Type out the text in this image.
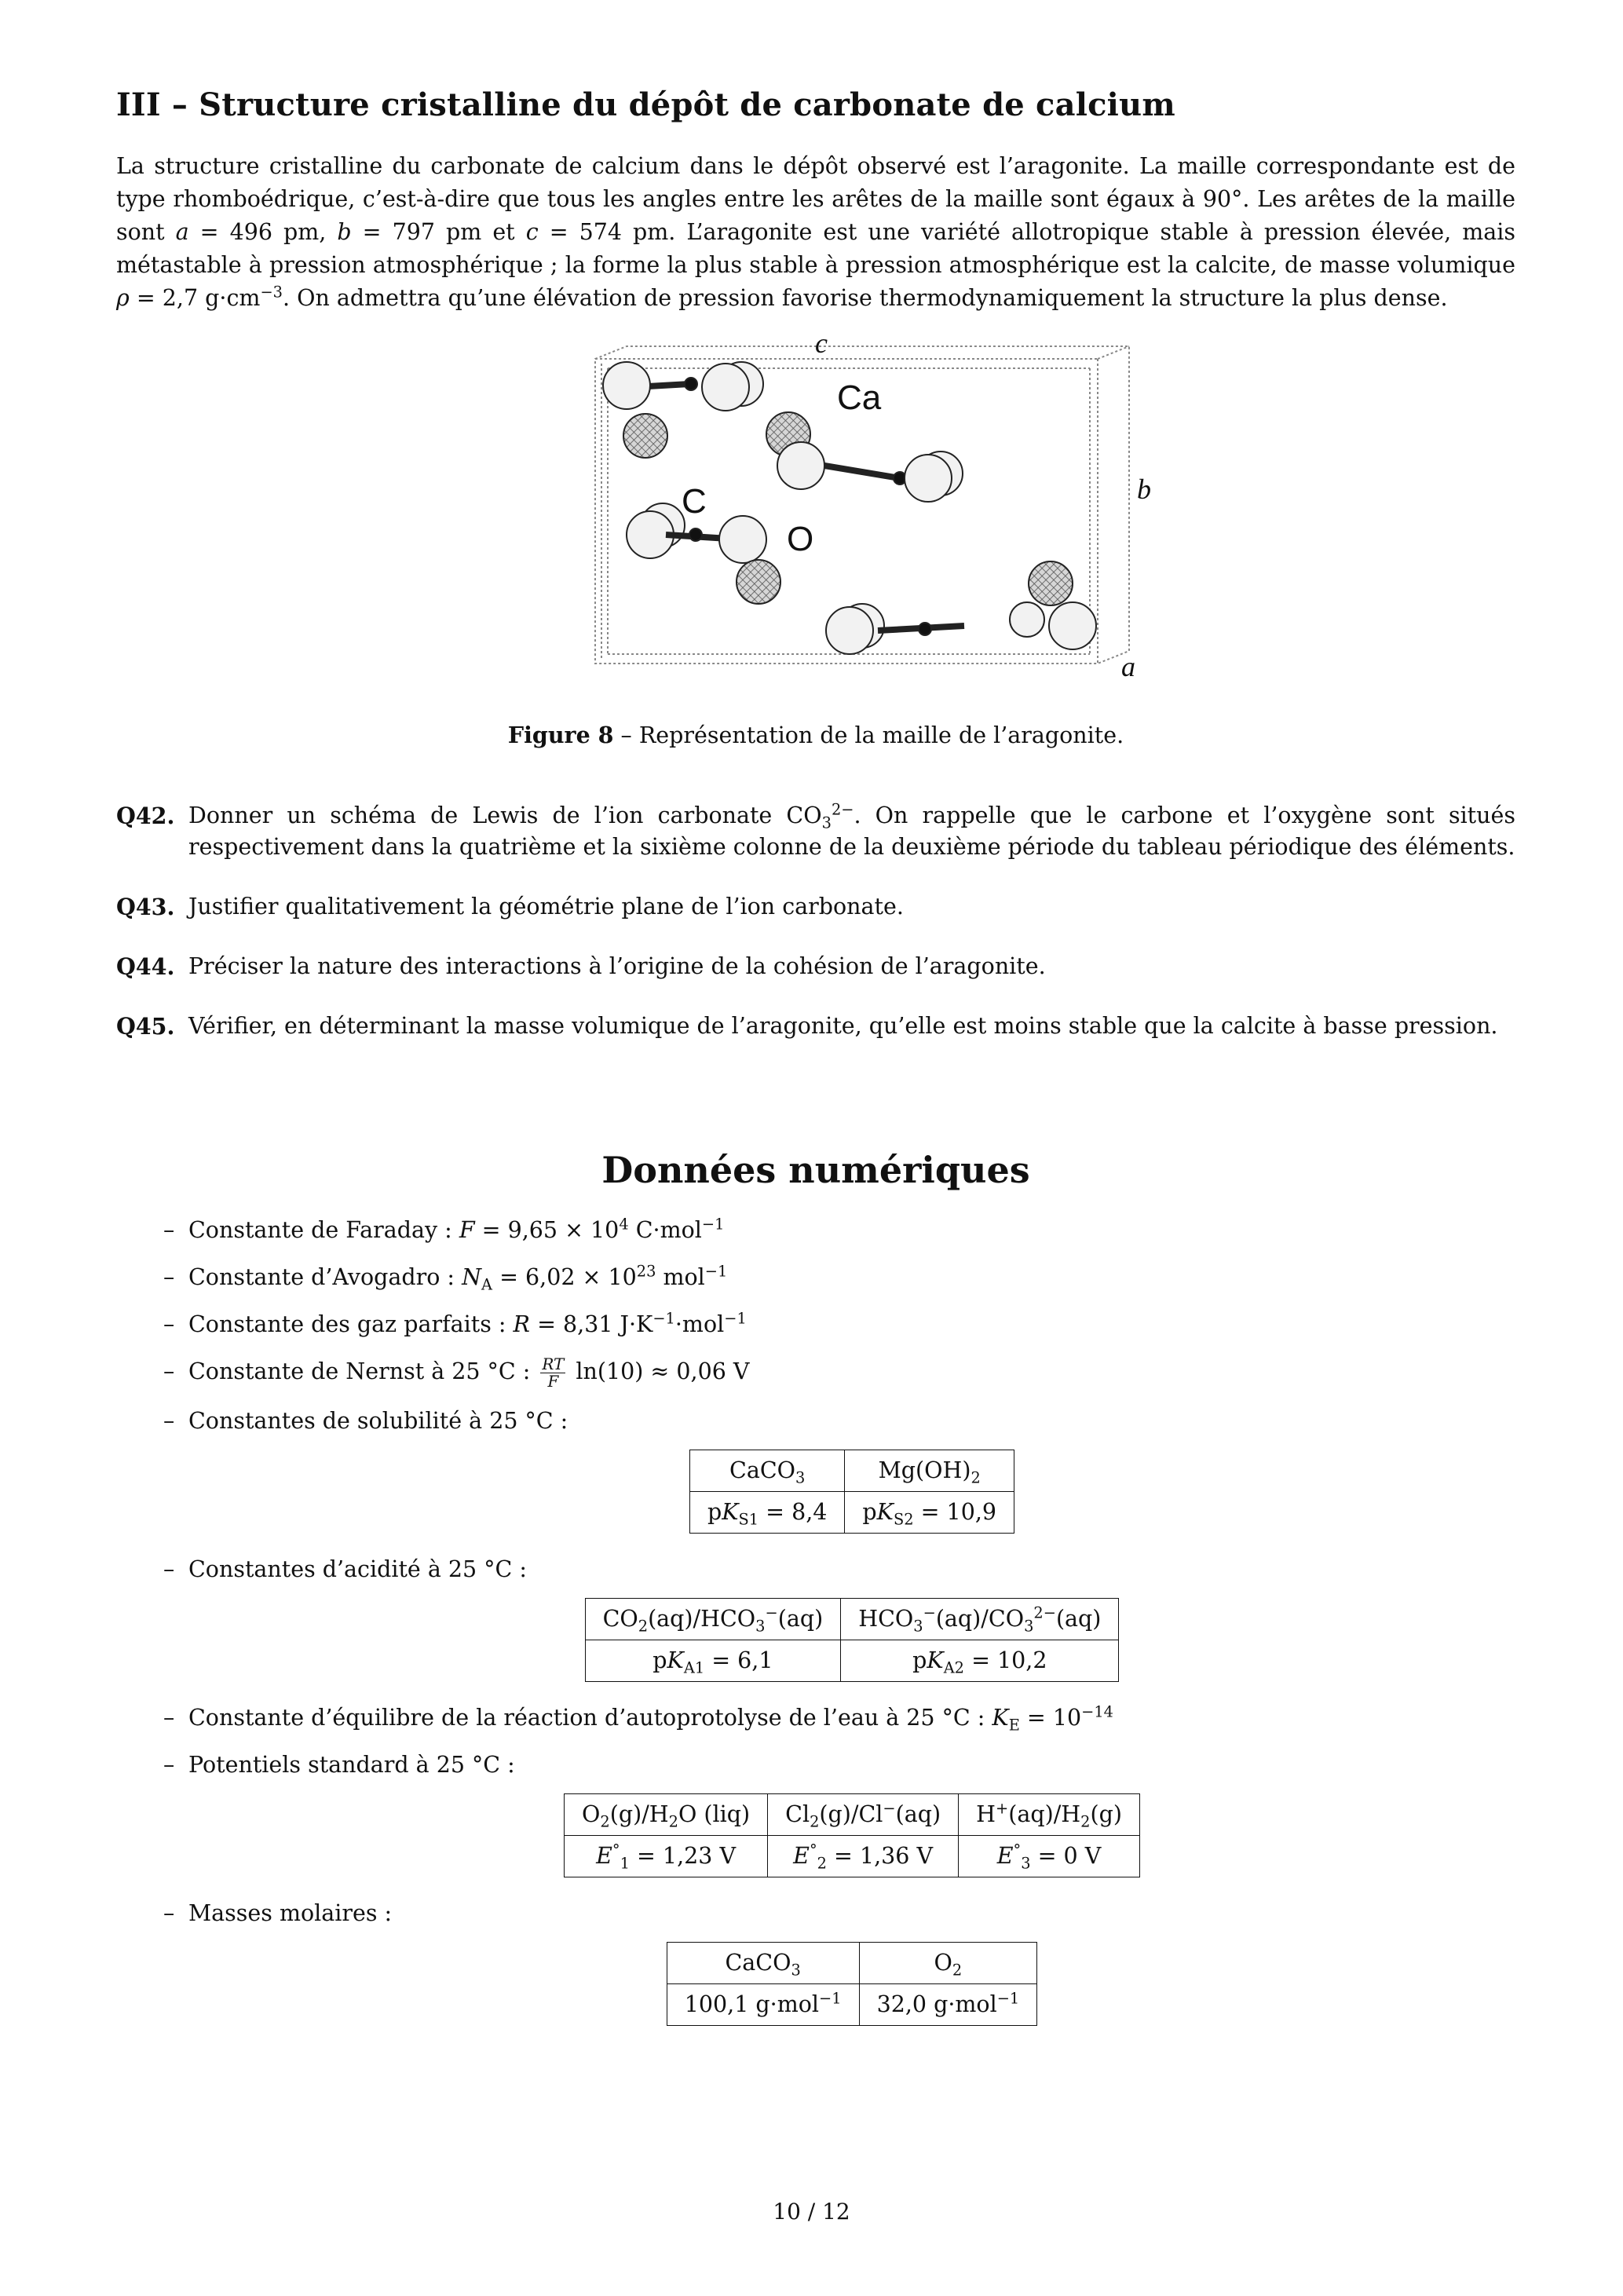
III – Structure cristalline du dépôt de carbonate de calcium

La structure cristalline du carbonate de calcium dans le dépôt observé est l’aragonite. La maille correspondante est de type rhomboédrique, c’est-à-dire que tous les angles entre les arêtes de la maille sont égaux à 90°. Les arêtes de la maille sont a = 496 pm, b = 797 pm et c = 574 pm. L’aragonite est une variété allotropique stable à pression élevée, mais métastable à pression atmosphérique ; la forme la plus stable à pression atmosphérique est la calcite, de masse volumique ρ = 2,7 $g\cdot cm^{-3}$. On admettra qu’une élévation de pression favorise thermodynamiquement la structure la plus dense.

c
b
a
Ca
C
O
Figure 8 – Représentation de la maille de l’aragonite.
Q42. Donner un schéma de Lewis de l’ion carbonate $CO_3^{2-}$. On rappelle que le carbone et l’oxygène sont situés respectivement dans la quatrième et la sixième colonne de la deuxième période du tableau périodique des éléments.
Q43. Justifier qualitativement la géométrie plane de l’ion carbonate.
Q44. Préciser la nature des interactions à l’origine de la cohésion de l’aragonite.
Q45. Vérifier, en déterminant la masse volumique de l’aragonite, qu’elle est moins stable que la calcite à basse pression.
Données numériques
– Constante de Faraday : $F = 9,65 \times 10^4$ C·mol$^{-1}$
– Constante d’Avogadro : $N_A = 6,02 \times 10^{23}$ mol$^{-1}$
– Constante des gaz parfaits : R = 8,31 $J\cdot K^{-1}\cdot mol^{-1}$
– Constante de Nernst à 25 °C : $\frac{RT}{F} \ln(10) \approx 0,06$ V
– Constantes de solubilité à 25 °C :
CaCO$_3$	$Mg(OH)_2$
$pK_{S1} = 8,4$	$pK_{S2} = 10,9$
– Constantes d’acidité à 25 °C :
$CO_2(aq)/HCO_3^-(aq)$	$HCO_3^-(aq)/CO_3^{2-}(aq)$
$pK_{A1} = 6,1$	$pK_{A2} = 10,2$
– Constante d’équilibre de la réaction d’autoprotolyse de l’eau à 25 °C : $K_E = 10^{-14}$
– Potentiels standard à 25 °C :
$O_2(g)/H_2O$ (liq)	$Cl_2(g)/Cl^-(aq)$	$H^+(aq)/H_2(g)$
$E^\circ_1 = 1,23$ V	$E^\circ_2 = 1,36$ V	$E^\circ_3 = 0$ V
– Masses molaires :
CaCO$_3$	$O_2$
100,1 g·mol$^{-1}$	32,0 g·mol$^{-1}$
10 / 12
